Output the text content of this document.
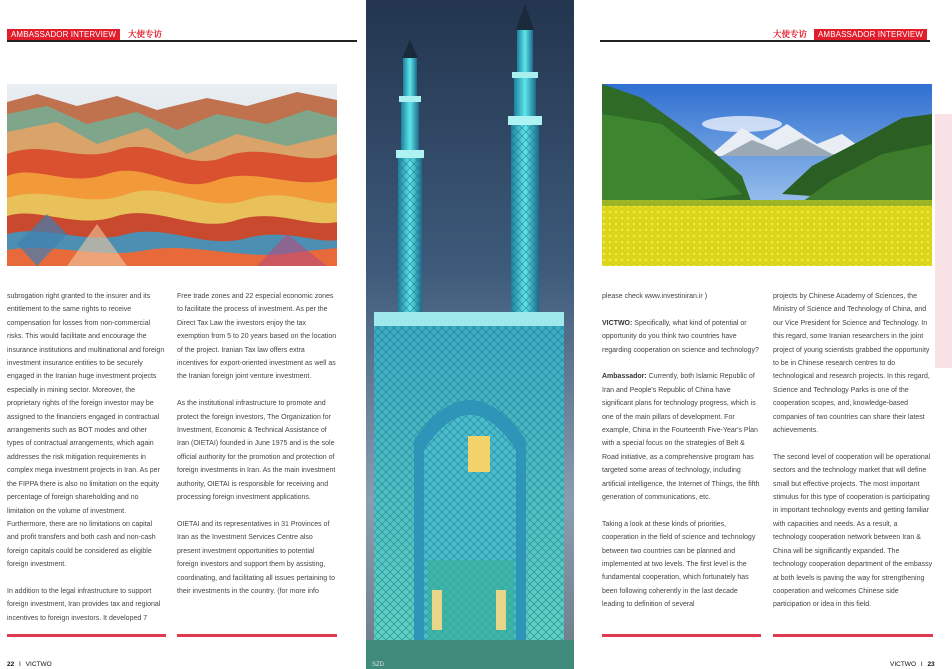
AMBASSADOR INTERVIEW	大使专访

subrogation right granted to the insurer and its entitlement to the same rights to receive compensation for losses from non-commercial risks. This would facilitate and encourage the insurance institutions and multinational and foreign investment insurance entities to be securely engaged in the Iranian huge investment projects especially in mining sector. Moreover, the proprietary rights of the foreign investor may be assigned to the financiers engaged in contractual arrangements such as BOT modes and other types of contractual arrangements, which again addresses the risk mitigation requirements in complex mega investment projects in Iran. As per the FIPPA there is also no limitation on the equity percentage of foreign shareholding and no limitation on the volume of investment. Furthermore, there are no limitations on capital and profit transfers and both cash and non-cash foreign capitals could be considered as eligible foreign investment.

In addition to the legal infrastructure to support foreign investment, Iran provides tax and regional incentives to foreign investors. It developed 7

Free trade zones and 22 especial economic zones to facilitate the process of investment. As per the Direct Tax Law the investors enjoy the tax exemption from 5 to 20 years based on the location of the project. Iranian Tax law offers extra incentives for export-oriented investment as well as the Iranian foreign joint venture investment.

As the institutional infrastructure to promote and protect the foreign investors, The Organization for Investment, Economic & Technical Assistance of Iran (OIETAI) founded in June 1975 and is the sole official authority for the promotion and protection of foreign investments in Iran. As the main investment authority, OIETAI is responsible for receiving and processing foreign investment applications.

OIETAI and its representatives in 31 Provinces of Iran as the Investment Services Centre also present investment opportunities to potential foreign investors and support them by assisting, coordinating, and facilitating all issues pertaining to their investments in the country. (for more info

22 I VICTWO	SZD
大使专访	AMBASSADOR INTERVIEW

please check www.investiniran.ir )

VICTWO: Specifically, what kind of potential or opportunity do you think two countries have regarding cooperation on science and technology?

Ambassador: Currently, both Islamic Republic of Iran and People's Republic of China have significant plans for technology progress, which is one of the main pillars of development. For example, China in the Fourteenth Five-Year's Plan with a special focus on the strategies of Belt & Road initiative, as a comprehensive program has targeted some areas of technology, including artificial intelligence, the Internet of Things, the fifth generation of communications, etc.

Taking a look at these kinds of priorities, cooperation in the field of science and technology between two countries can be planned and implemented at two levels. The first level is the fundamental cooperation, which fortunately has been following coherently in the last decade leading to definition of several

projects by Chinese Academy of Sciences, the Ministry of Science and Technology of China, and our Vice President for Science and Technology. In this regard, some Iranian researchers in the joint project of young scientists grabbed the opportunity to be in Chinese research centres to do technological and research projects. In this regard, Science and Technology Parks is one of the cooperation scopes, and, knowledge-based companies of two countries can share their latest achievements.

The second level of cooperation will be operational sectors and the technology market that will define small but effective projects. The most important stimulus for this type of cooperation is participating in important technology events and getting familiar with capacities and needs. As a result, a technology cooperation network between Iran & China will be significantly expanded. The technology cooperation department of the embassy at both levels is paving the way for strengthening cooperation and welcomes Chinese side participation or idea in this field.

VICTWO I 23
